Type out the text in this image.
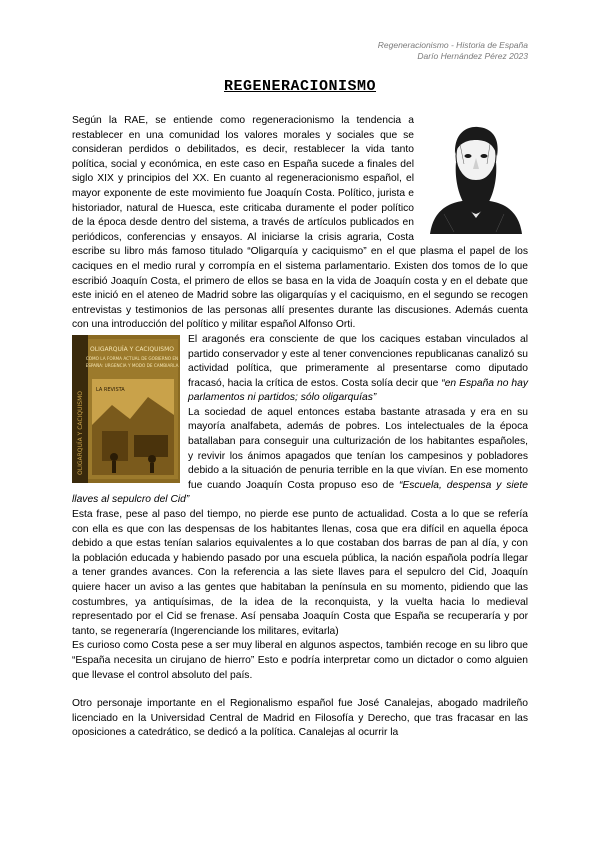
Regeneracionismo - Historia de España
Darío Hernández Pérez 2023
REGENERACIONISMO

Según la RAE, se entiende como regeneracionismo la tendencia a restablecer en una comunidad los valores morales y sociales que se consideran perdidos o debilitados, es decir, restablecer la vida tanto política, social y económica, en este caso en España sucede a finales del siglo XIX y principios del XX. En cuanto al regeneracionismo español, el mayor exponente de este movimiento fue Joaquín Costa. Político, jurista e historiador, natural de Huesca, este criticaba duramente el poder político de la época desde dentro del sistema, a través de artículos publicados en periódicos, conferencias y ensayos. Al iniciarse la crisis agraria, Costa escribe su libro más famoso titulado “Oligarquía y caciquismo” en el que plasma el papel de los caciques en el medio rural y corrompía en el sistema parlamentario. Existen dos tomos de lo que escribió Joaquín Costa, el primero de ellos se basa en la vida de Joaquín costa y en el debate que este inició en el ateneo de Madrid sobre las oligarquías y el caciquismo, en el segundo se recogen entrevistas y testimonios de las personas allí presentes durante las discusiones. Además cuenta con una introducción del político y militar español Alfonso Orti.

OLIGARQUÍA Y CACIQUISMO
COMO LA FORMA ACTUAL DE GOBIERNO EN
ESPAÑA: URGENCIA Y MODO DE CAMBIARLA
LA REVISTA
OLIGARQUÍA Y CACIQUISMO

El aragonés era consciente de que los caciques estaban vinculados al partido conservador y este al tener convenciones republicanas canalizó su actividad política, que primeramente al presentarse como diputado fracasó, hacia la crítica de estos. Costa solía decir que “en España no hay parlamentos ni partidos; sólo oligarquías”

La sociedad de aquel entonces estaba bastante atrasada y era en su mayoría analfabeta, además de pobres. Los intelectuales de la época batallaban para conseguir una culturización de los habitantes españoles, y revivir los ánimos apagados que tenían los campesinos y pobladores debido a la situación de penuria terrible en la que vivían. En ese momento fue cuando Joaquín Costa propuso eso de “Escuela, despensa y siete llaves al sepulcro del Cid”

Esta frase, pese al paso del tiempo, no pierde ese punto de actualidad. Costa a lo que se refería con ella es que con las despensas de los habitantes llenas, cosa que era difícil en aquella época debido a que estas tenían salarios equivalentes a lo que costaban dos barras de pan al día, y con la población educada y habiendo pasado por una escuela pública, la nación española podría llegar a tener grandes avances. Con la referencia a las siete llaves para el sepulcro del Cid, Joaquín quiere hacer un aviso a las gentes que habitaban la península en su momento, pidiendo que las costumbres, ya antiquísimas, de la idea de la reconquista, y la vuelta hacia lo medieval representado por el Cid se frenase. Así pensaba Joaquín Costa que España se recuperaría y por tanto, se regeneraría (Ingerenciande los militares, evitarla)

Es curioso como Costa pese a ser muy liberal en algunos aspectos, también recoge en su libro que “España necesita un cirujano de hierro” Esto e podría interpretar como un dictador o como alguien que llevase el control absoluto del país.

Otro personaje importante en el Regionalismo español fue José Canalejas, abogado madrileño licenciado en la Universidad Central de Madrid en Filosofía y Derecho, que tras fracasar en las oposiciones a catedrático, se dedicó a la política. Canalejas al ocurrir la
